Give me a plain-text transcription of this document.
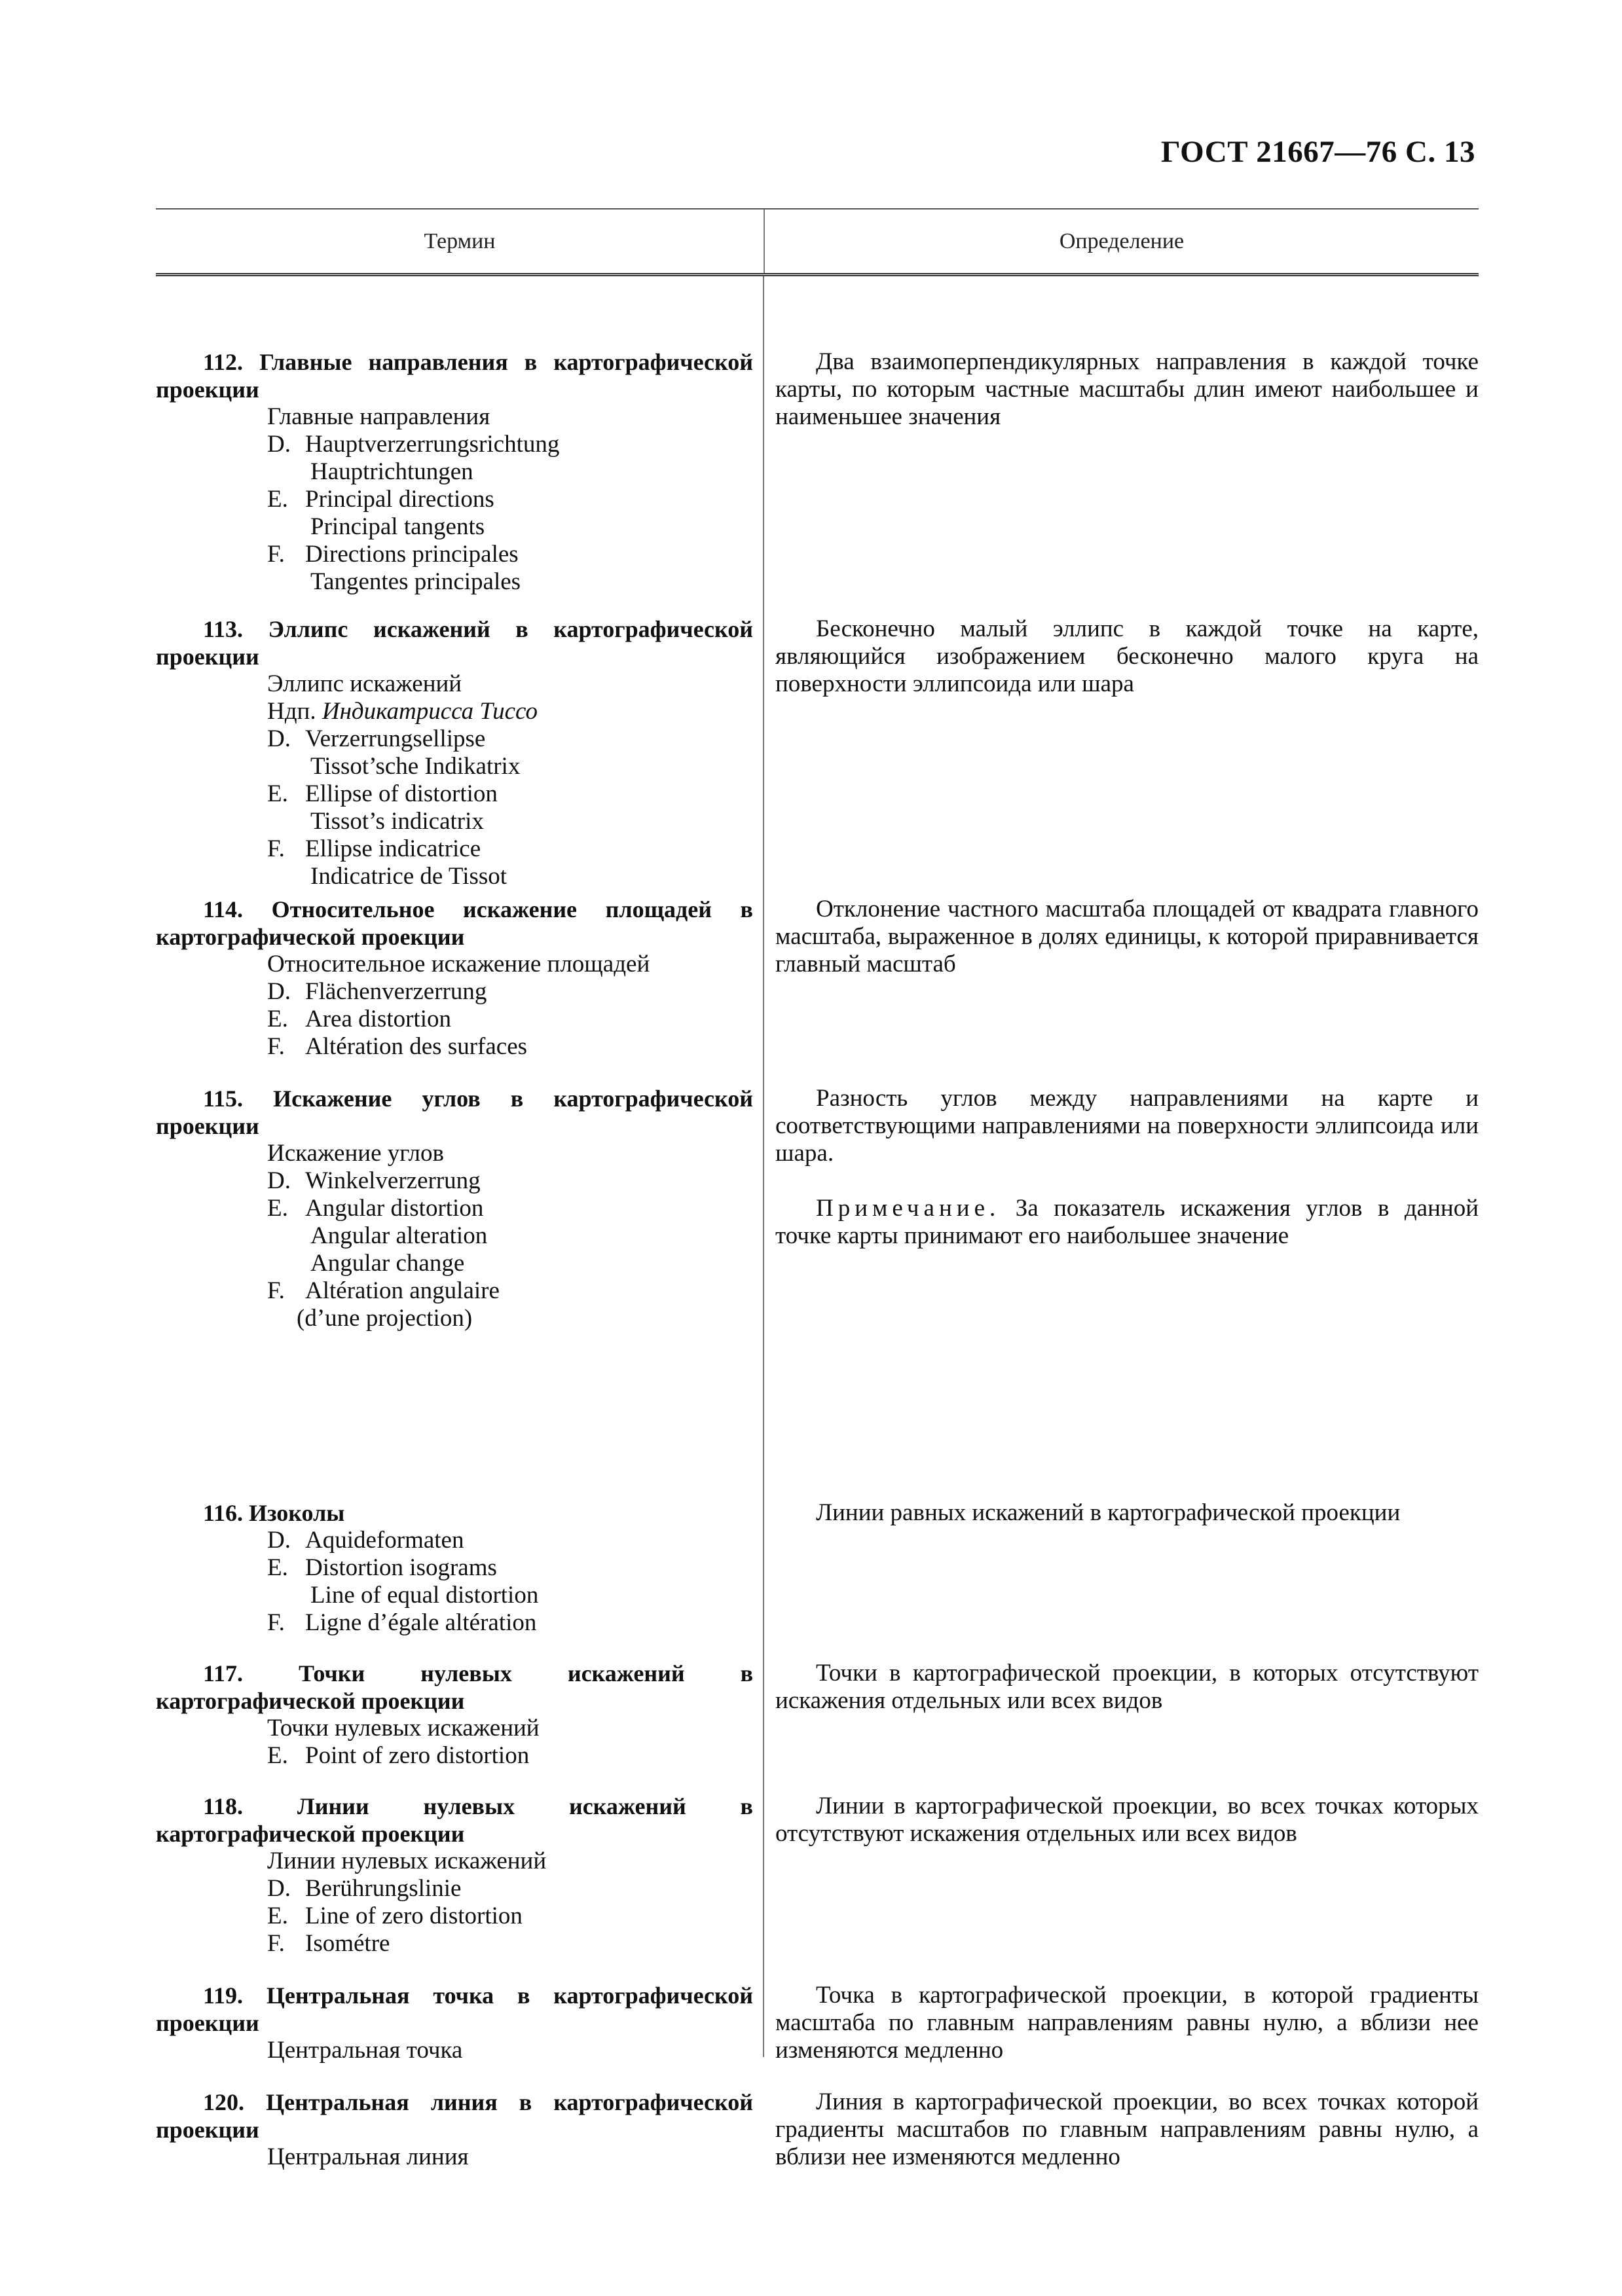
ГОСТ 21667—76 С. 13
Термин	Определение
112. Главные направления в картографической проекции
Главные направления
D. Hauptverzerrungsrichtung
Hauptrichtungen
E. Principal directions
Principal tangents
F. Directions principales
Tangentes principales
Два взаимоперпендикулярных направления в каждой точке карты, по которым частные масштабы длин имеют наибольшее и наименьшее значения
113. Эллипс искажений в картографической проекции
Эллипс искажений
Ндп. Индикатрисса Тиссо
D. Verzerrungsellipse
Tissot’sche Indikatrix
E. Ellipse of distortion
Tissot’s indicatrix
F. Ellipse indicatrice
Indicatrice de Tissot
Бесконечно малый эллипс в каждой точке на карте, являющийся изображением бесконечно малого круга на поверхности эллипсоида или шара
114. Относительное искажение площадей в картографической проекции
Относительное искажение площадей
D. Flächenverzerrung
E. Area distortion
F. Altération des surfaces
Отклонение частного масштаба площадей от квадрата главного масштаба, выраженное в долях единицы, к которой приравнивается главный масштаб
115. Искажение углов в картографической проекции
Искажение углов
D. Winkelverzerrung
E. Angular distortion
Angular alteration
Angular change
F. Altération angulaire
(d’une projection)
Разность углов между направлениями на карте и соответствующими направлениями на поверхности эллипсоида или шара.
Примечание. За показатель искажения углов в данной точке карты принимают его наибольшее значение
116. Изоколы
D. Aquideformaten
E. Distortion isograms
Line of equal distortion
F. Ligne d’égale altération
Линии равных искажений в картографической проекции
117. Точки нулевых искажений в картографической проекции
Точки нулевых искажений
E. Point of zero distortion
Точки в картографической проекции, в которых отсутствуют искажения отдельных или всех видов
118. Линии нулевых искажений в картографической проекции
Линии нулевых искажений
D. Berührungslinie
E. Line of zero distortion
F. Isométre
Линии в картографической проекции, во всех точках которых отсутствуют искажения отдельных или всех видов
119. Центральная точка в картографической проекции
Центральная точка
Точка в картографической проекции, в которой градиенты масштаба по главным направлениям равны нулю, а вблизи нее изменяются медленно
120. Центральная линия в картографической проекции
Центральная линия
Линия в картографической проекции, во всех точках которой градиенты масштабов по главным направлениям равны нулю, а вблизи нее изменяются медленно
